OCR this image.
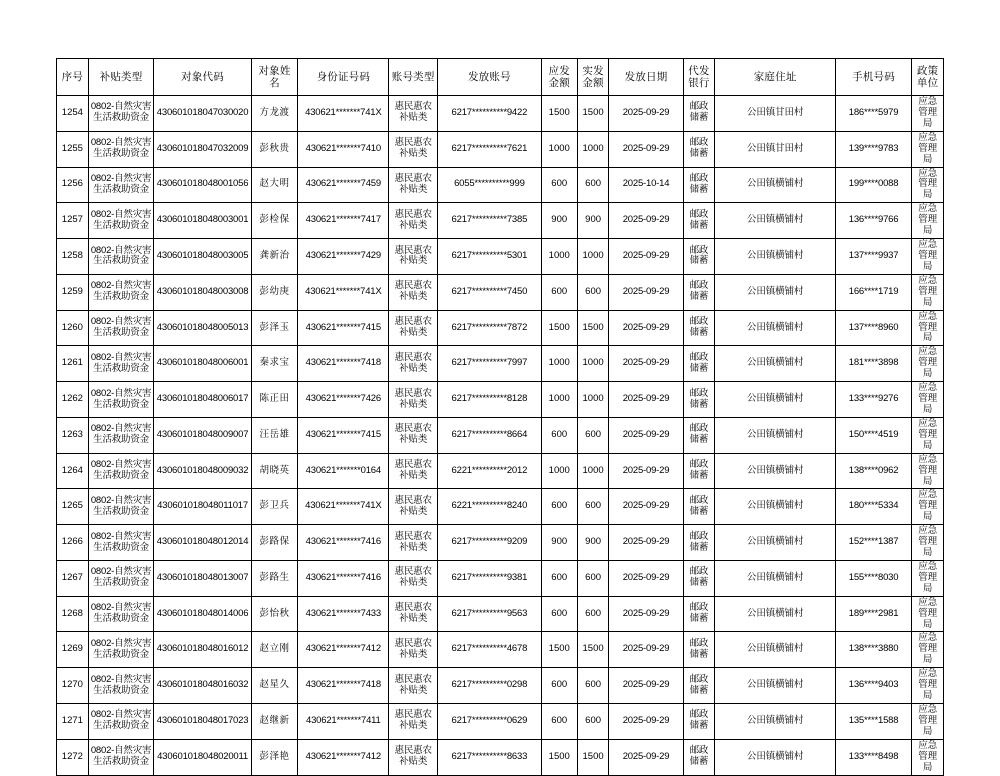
序号	补贴类型	对象代码	对象姓名	身份证号码	账号类型	发放账号	应发金额	实发金额	发放日期	代发银行	家庭住址	手机号码	政策单位
1254	0802-自然灾害生活救助资金	430601018047030020	方龙渡	430621*******741X	惠民惠农补贴类	6217**********9422	1500	1500	2025-09-29	邮政储蓄	公田镇甘田村	186****5979	应急管理局
1255	0802-自然灾害生活救助资金	430601018047032009	彭秋贵	430621*******7410	惠民惠农补贴类	6217**********7621	1000	1000	2025-09-29	邮政储蓄	公田镇甘田村	139****9783	应急管理局
1256	0802-自然灾害生活救助资金	430601018048001056	赵大明	430621*******7459	惠民惠农补贴类	6055**********999	600	600	2025-10-14	邮政储蓄	公田镇横铺村	199****0088	应急管理局
1257	0802-自然灾害生活救助资金	430601018048003001	彭检保	430621*******7417	惠民惠农补贴类	6217**********7385	900	900	2025-09-29	邮政储蓄	公田镇横铺村	136****9766	应急管理局
1258	0802-自然灾害生活救助资金	430601018048003005	龚新治	430621*******7429	惠民惠农补贴类	6217**********5301	1000	1000	2025-09-29	邮政储蓄	公田镇横铺村	137****9937	应急管理局
1259	0802-自然灾害生活救助资金	430601018048003008	彭幼庚	430621*******741X	惠民惠农补贴类	6217**********7450	600	600	2025-09-29	邮政储蓄	公田镇横铺村	166****1719	应急管理局
1260	0802-自然灾害生活救助资金	430601018048005013	彭泽玉	430621*******7415	惠民惠农补贴类	6217**********7872	1500	1500	2025-09-29	邮政储蓄	公田镇横铺村	137****8960	应急管理局
1261	0802-自然灾害生活救助资金	430601018048006001	秦求宝	430621*******7418	惠民惠农补贴类	6217**********7997	1000	1000	2025-09-29	邮政储蓄	公田镇横铺村	181****3898	应急管理局
1262	0802-自然灾害生活救助资金	430601018048006017	陈正田	430621*******7426	惠民惠农补贴类	6217**********8128	1000	1000	2025-09-29	邮政储蓄	公田镇横铺村	133****9276	应急管理局
1263	0802-自然灾害生活救助资金	430601018048009007	汪岳雄	430621*******7415	惠民惠农补贴类	6217**********8664	600	600	2025-09-29	邮政储蓄	公田镇横铺村	150****4519	应急管理局
1264	0802-自然灾害生活救助资金	430601018048009032	胡晓英	430621*******0164	惠民惠农补贴类	6221**********2012	1000	1000	2025-09-29	邮政储蓄	公田镇横铺村	138****0962	应急管理局
1265	0802-自然灾害生活救助资金	430601018048011017	彭卫兵	430621*******741X	惠民惠农补贴类	6221**********8240	600	600	2025-09-29	邮政储蓄	公田镇横铺村	180****5334	应急管理局
1266	0802-自然灾害生活救助资金	430601018048012014	彭路保	430621*******7416	惠民惠农补贴类	6217**********9209	900	900	2025-09-29	邮政储蓄	公田镇横铺村	152****1387	应急管理局
1267	0802-自然灾害生活救助资金	430601018048013007	彭路生	430621*******7416	惠民惠农补贴类	6217**********9381	600	600	2025-09-29	邮政储蓄	公田镇横铺村	155****8030	应急管理局
1268	0802-自然灾害生活救助资金	430601018048014006	彭怡秋	430621*******7433	惠民惠农补贴类	6217**********9563	600	600	2025-09-29	邮政储蓄	公田镇横铺村	189****2981	应急管理局
1269	0802-自然灾害生活救助资金	430601018048016012	赵立刚	430621*******7412	惠民惠农补贴类	6217**********4678	1500	1500	2025-09-29	邮政储蓄	公田镇横铺村	138****3880	应急管理局
1270	0802-自然灾害生活救助资金	430601018048016032	赵星久	430621*******7418	惠民惠农补贴类	6217**********0298	600	600	2025-09-29	邮政储蓄	公田镇横铺村	136****9403	应急管理局
1271	0802-自然灾害生活救助资金	430601018048017023	赵继新	430621*******7411	惠民惠农补贴类	6217**********0629	600	600	2025-09-29	邮政储蓄	公田镇横铺村	135****1588	应急管理局
1272	0802-自然灾害生活救助资金	430601018048020011	彭泽艳	430621*******7412	惠民惠农补贴类	6217**********8633	1500	1500	2025-09-29	邮政储蓄	公田镇横铺村	133****8498	应急管理局
